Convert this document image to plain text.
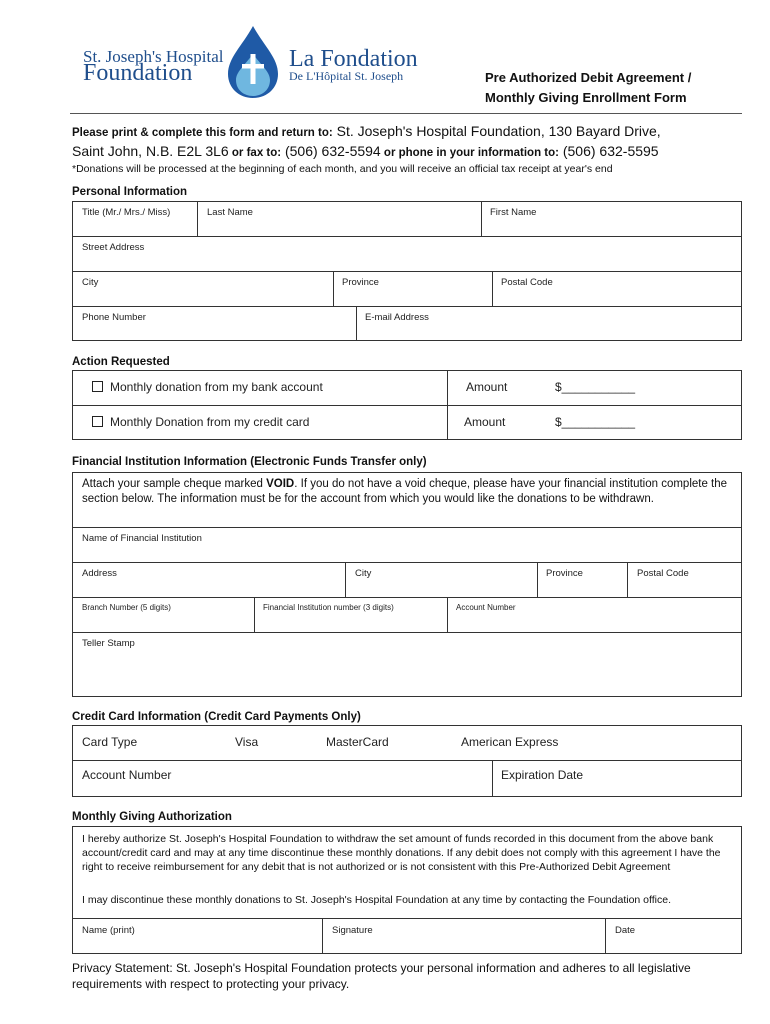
St. Joseph's Hospital
Foundation
La Fondation
De L'Hôpital St. Joseph	Pre Authorized Debit Agreement /
Monthly Giving Enrollment Form
Please print & complete this form and return to: St. Joseph's Hospital Foundation, 130 Bayard Drive,
Saint John, N.B. E2L 3L6 or fax to: (506) 632-5594 or phone in your information to: (506) 632-5595
*Donations will be processed at the beginning of each month, and you will receive an official tax receipt at year's end
Personal Information
Title (Mr./ Mrs./ Miss)	Last Name	First Name
Street Address
City	Province	Postal Code
Phone Number	E-mail Address
Action Requested
Monthly donation from my bank account	Amount	$___________
Monthly Donation from my credit card	Amount	$___________
Financial Institution Information (Electronic Funds Transfer only)
Attach your sample cheque marked VOID. If you do not have a void cheque, please have your financial institution complete the section below. The information must be for the account from which you would like the donations to be withdrawn.
Name of Financial Institution
Address	City	Province	Postal Code
Branch Number (5 digits)	Financial Institution number (3 digits)	Account Number
Teller Stamp
Credit Card Information (Credit Card Payments Only)
Card Type	Visa	MasterCard	American Express
Account Number	Expiration Date
Monthly Giving Authorization
I hereby authorize St. Joseph's Hospital Foundation to withdraw the set amount of funds recorded in this document from the above bank account/credit card and may at any time discontinue these monthly donations. If any debit does not comply with this agreement I have the right to receive reimbursement for any debit that is not authorized or is not consistent with this Pre-Authorized Debit Agreement
I may discontinue these monthly donations to St. Joseph's Hospital Foundation at any time by contacting the Foundation office.
Name (print)	Signature	Date
Privacy Statement: St. Joseph's Hospital Foundation protects your personal information and adheres to all legislative requirements with respect to protecting your privacy.
